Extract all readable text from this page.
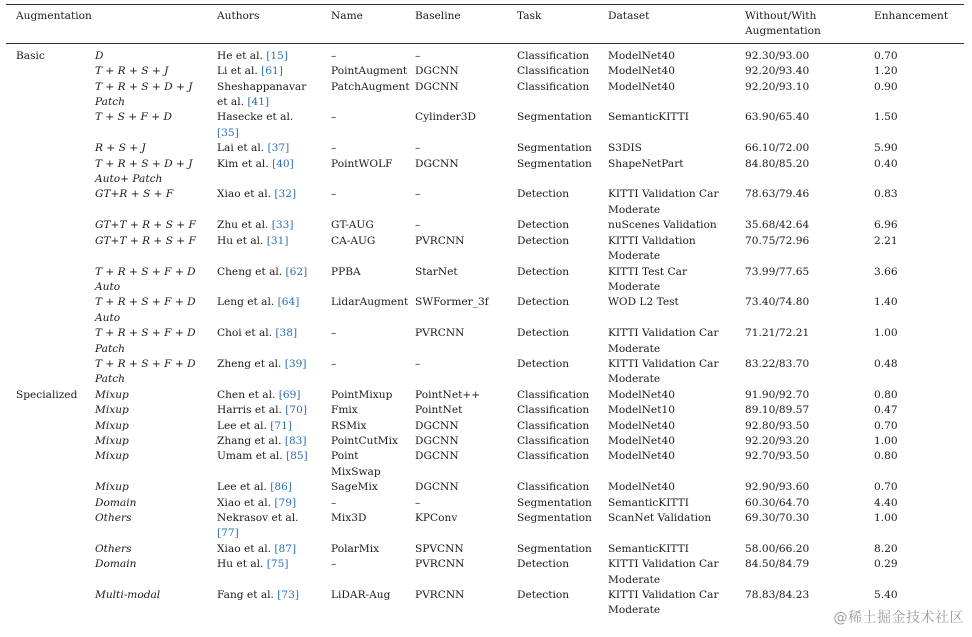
Augmentation		Authors	Name	Baseline	Task	Dataset	Without/With Augmentation	Enhancement
Basic	D	He et al. [15]	–	–	Classification	ModelNet40	92.30/93.00	0.70
	T + R + S + J	Li et al. [61]	PointAugment	DGCNN	Classification	ModelNet40	92.20/93.40	1.20
	T + R + S + D + J Patch	Sheshappanavar et al. [41]	PatchAugment	DGCNN	Classification	ModelNet40	92.20/93.10	0.90
	T + S + F + D	Hasecke et al. [35]	–	Cylinder3D	Segmentation	SemanticKITTI	63.90/65.40	1.50
	R + S + J	Lai et al. [37]	–	–	Segmentation	S3DIS	66.10/72.00	5.90
	T + R + S + D + J Auto+ Patch	Kim et al. [40]	PointWOLF	DGCNN	Segmentation	ShapeNetPart	84.80/85.20	0.40
	GT+R + S + F	Xiao et al. [32]	–	–	Detection	KITTI Validation Car Moderate	78.63/79.46	0.83
	GT+T + R + S + F	Zhu et al. [33]	GT-AUG	–	Detection	nuScenes Validation	35.68/42.64	6.96
	GT+T + R + S + F	Hu et al. [31]	CA-AUG	PVRCNN	Detection	KITTI Validation Moderate	70.75/72.96	2.21
	T + R + S + F + D Auto	Cheng et al. [62]	PPBA	StarNet	Detection	KITTI Test Car Moderate	73.99/77.65	3.66
	T + R + S + F + D Auto	Leng et al. [64]	LidarAugment	SWFormer_3f	Detection	WOD L2 Test	73.40/74.80	1.40
	T + R + S + F + D Patch	Choi et al. [38]	–	PVRCNN	Detection	KITTI Validation Car Moderate	71.21/72.21	1.00
	T + R + S + F + D Patch	Zheng et al. [39]	–	–	Detection	KITTI Validation Car Moderate	83.22/83.70	0.48
Specialized	Mixup	Chen et al. [69]	PointMixup	PointNet++	Classification	ModelNet40	91.90/92.70	0.80
	Mixup	Harris et al. [70]	Fmix	PointNet	Classification	ModelNet10	89.10/89.57	0.47
	Mixup	Lee et al. [71]	RSMix	DGCNN	Classification	ModelNet40	92.80/93.50	0.70
	Mixup	Zhang et al. [83]	PointCutMix	DGCNN	Classification	ModelNet40	92.20/93.20	1.00
	Mixup	Umam et al. [85]	Point MixSwap	DGCNN	Classification	ModelNet40	92.70/93.50	0.80
	Mixup	Lee et al. [86]	SageMix	DGCNN	Classification	ModelNet40	92.90/93.60	0.70
	Domain	Xiao et al. [79]	–	–	Segmentation	SemanticKITTI	60.30/64.70	4.40
	Others	Nekrasov et al. [77]	Mix3D	KPConv	Segmentation	ScanNet Validation	69.30/70.30	1.00
	Others	Xiao et al. [87]	PolarMix	SPVCNN	Segmentation	SemanticKITTI	58.00/66.20	8.20
	Domain	Hu et al. [75]	–	PVRCNN	Detection	KITTI Validation Car Moderate	84.50/84.79	0.29
	Multi-modal	Fang et al. [73]	LiDAR-Aug	PVRCNN	Detection	KITTI Validation Car Moderate	78.83/84.23	5.40
@稀土掘金技术社区
